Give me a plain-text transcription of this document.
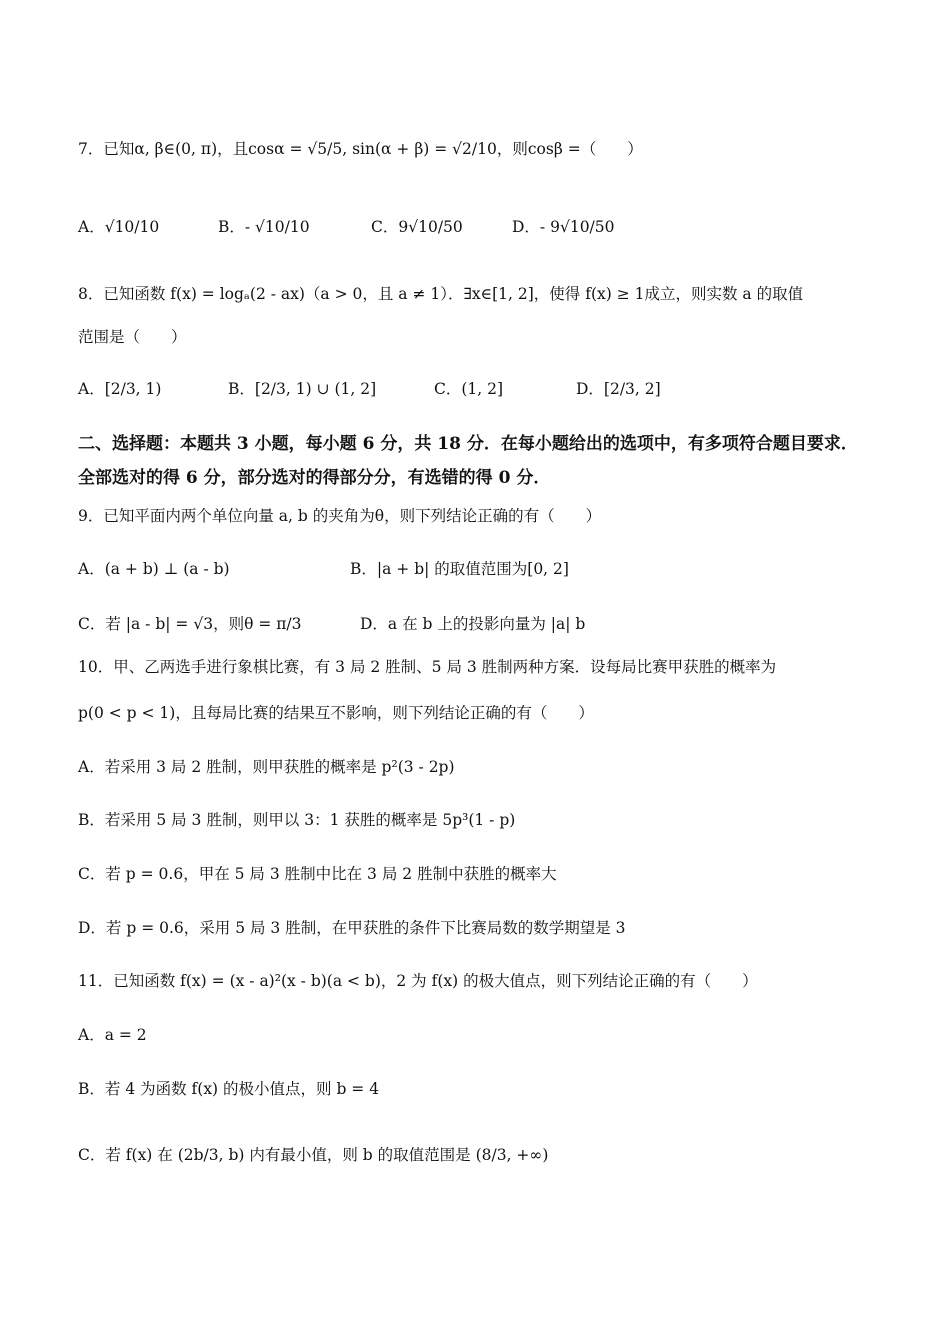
7．已知α, β∈(0, π)，且cosα = √5/5, sin(α + β) = √2/10，则cosβ =（　　）
A．√10/10	B．- √10/10	C．9√10/50	D．- 9√10/50
8．已知函数 f(x) = logₐ(2 - ax)（a > 0，且 a ≠ 1）．∃x∈[1, 2]，使得 f(x) ≥ 1成立，则实数 a 的取值
范围是（　　）
A．[2/3, 1)	B．[2/3, 1) ∪ (1, 2]	C．(1, 2]	D．[2/3, 2]
二、选择题：本题共 3 小题，每小题 6 分，共 18 分．在每小题给出的选项中，有多项符合题目要求．全部选对的得 6 分，部分选对的得部分分，有选错的得 0 分．
9．已知平面内两个单位向量 a, b 的夹角为θ，则下列结论正确的有（　　）
A．(a + b) ⊥ (a - b)	B．|a + b| 的取值范围为[0, 2]
C．若 |a - b| = √3，则θ = π/3	D．a 在 b 上的投影向量为 |a| b
10．甲、乙两选手进行象棋比赛，有 3 局 2 胜制、5 局 3 胜制两种方案．设每局比赛甲获胜的概率为
p(0 < p < 1)，且每局比赛的结果互不影响，则下列结论正确的有（　　）
A．若采用 3 局 2 胜制，则甲获胜的概率是 p²(3 - 2p)
B．若采用 5 局 3 胜制，则甲以 3：1 获胜的概率是 5p³(1 - p)
C．若 p = 0.6，甲在 5 局 3 胜制中比在 3 局 2 胜制中获胜的概率大
D．若 p = 0.6，采用 5 局 3 胜制，在甲获胜的条件下比赛局数的数学期望是 3
11．已知函数 f(x) = (x - a)²(x - b)(a < b)，2 为 f(x) 的极大值点，则下列结论正确的有（　　）
A．a = 2
B．若 4 为函数 f(x) 的极小值点，则 b = 4
C．若 f(x) 在 (2b/3, b) 内有最小值，则 b 的取值范围是 (8/3, +∞)
